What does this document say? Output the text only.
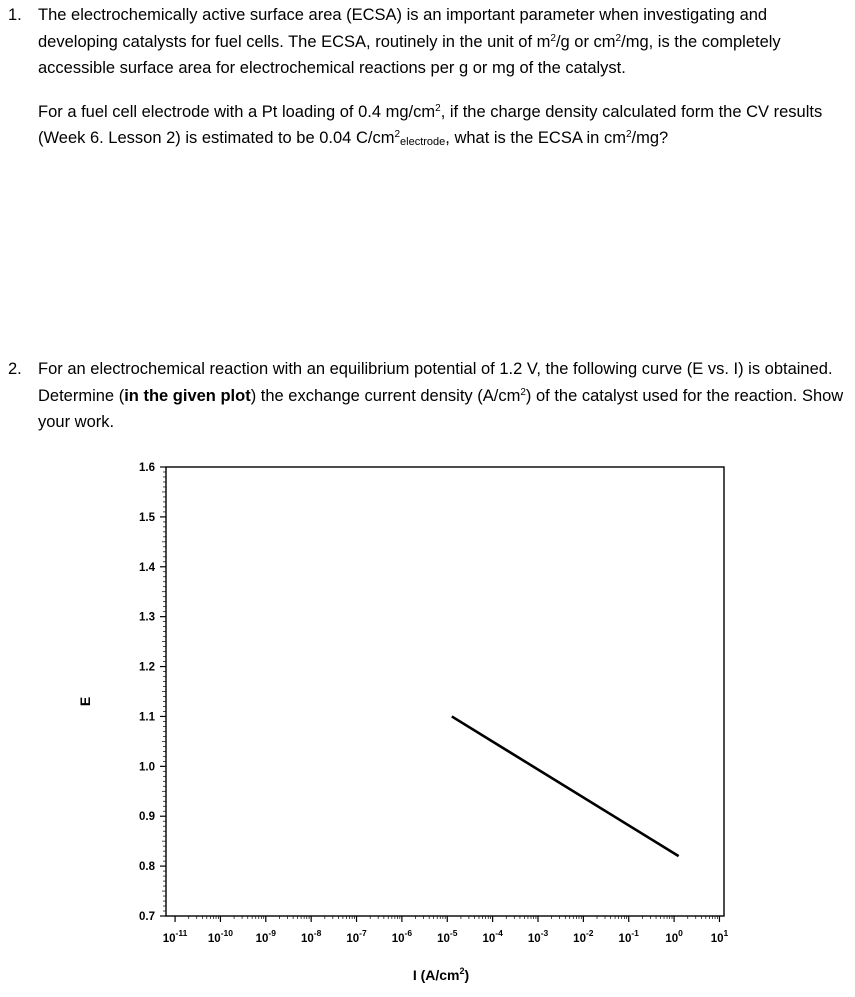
1. The electrochemically active surface area (ECSA) is an important parameter when investigating and developing catalysts for fuel cells. The ECSA, routinely in the unit of $m^2/g$ or $cm^2/mg$, is the completely accessible surface area for electrochemical reactions per g or mg of the catalyst.

For a fuel cell electrode with a Pt loading of 0.4 $mg/cm^2$, if the charge density calculated form the CV results (Week 6. Lesson 2) is estimated to be 0.04 $C/cm^2_{electrode}$, what is the ECSA in $cm^2/mg$?

2. For an electrochemical reaction with an equilibrium potential of 1.2 V, the following curve (E vs. I) is obtained. Determine (in the given plot) the exchange current density $(A/cm^2)$ of the catalyst used for the reaction. Show your work.

0.7
0.8
0.9
1.0
1.1
1.2
1.3
1.4
1.5
1.6
$10^{-11}$ $10^{-10}$ $10^{-9}$ $10^{-8}$ $10^{-7}$ $10^{-6}$ $10^{-5}$ $10^{-4}$ $10^{-3}$ $10^{-2}$ $10^{-1}$ $10^0$ $10^1$
E
I $(A/cm^2)$
